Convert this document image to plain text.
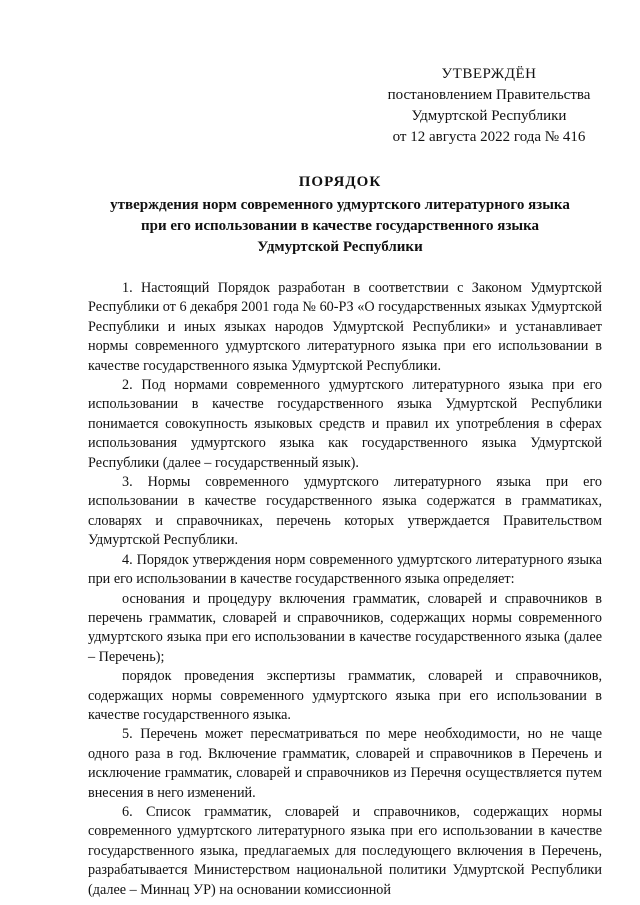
УТВЕРЖДЁН
постановлением Правительства
Удмуртской Республики
от 12 августа 2022 года № 416
ПОРЯДОК
утверждения норм современного удмуртского литературного языка
при его использовании в качестве государственного языка
Удмуртской Республики

1. Настоящий Порядок разработан в соответствии с Законом Удмуртской Республики от 6 декабря 2001 года № 60-РЗ «О государственных языках Удмуртской Республики и иных языках народов Удмуртской Республики» и устанавливает нормы современного удмуртского литературного языка при его использовании в качестве государственного языка Удмуртской Республики.

2. Под нормами современного удмуртского литературного языка при его использовании в качестве государственного языка Удмуртской Республики понимается совокупность языковых средств и правил их употребления в сферах использования удмуртского языка как государственного языка Удмуртской Республики (далее – государственный язык).

3. Нормы современного удмуртского литературного языка при его использовании в качестве государственного языка содержатся в грамматиках, словарях и справочниках, перечень которых утверждается Правительством Удмуртской Республики.

4. Порядок утверждения норм современного удмуртского литературного языка при его использовании в качестве государственного языка определяет:

основания и процедуру включения грамматик, словарей и справочников в перечень грамматик, словарей и справочников, содержащих нормы современного удмуртского языка при его использовании в качестве государственного языка (далее – Перечень);

порядок проведения экспертизы грамматик, словарей и справочников, содержащих нормы современного удмуртского языка при его использовании в качестве государственного языка.

5. Перечень может пересматриваться по мере необходимости, но не чаще одного раза в год. Включение грамматик, словарей и справочников в Перечень и исключение грамматик, словарей и справочников из Перечня осуществляется путем внесения в него изменений.

6. Список грамматик, словарей и справочников, содержащих нормы современного удмуртского литературного языка при его использовании в качестве государственного языка, предлагаемых для последующего включения в Перечень, разрабатывается Министерством национальной политики Удмуртской Республики (далее – Миннац УР) на основании комиссионной
